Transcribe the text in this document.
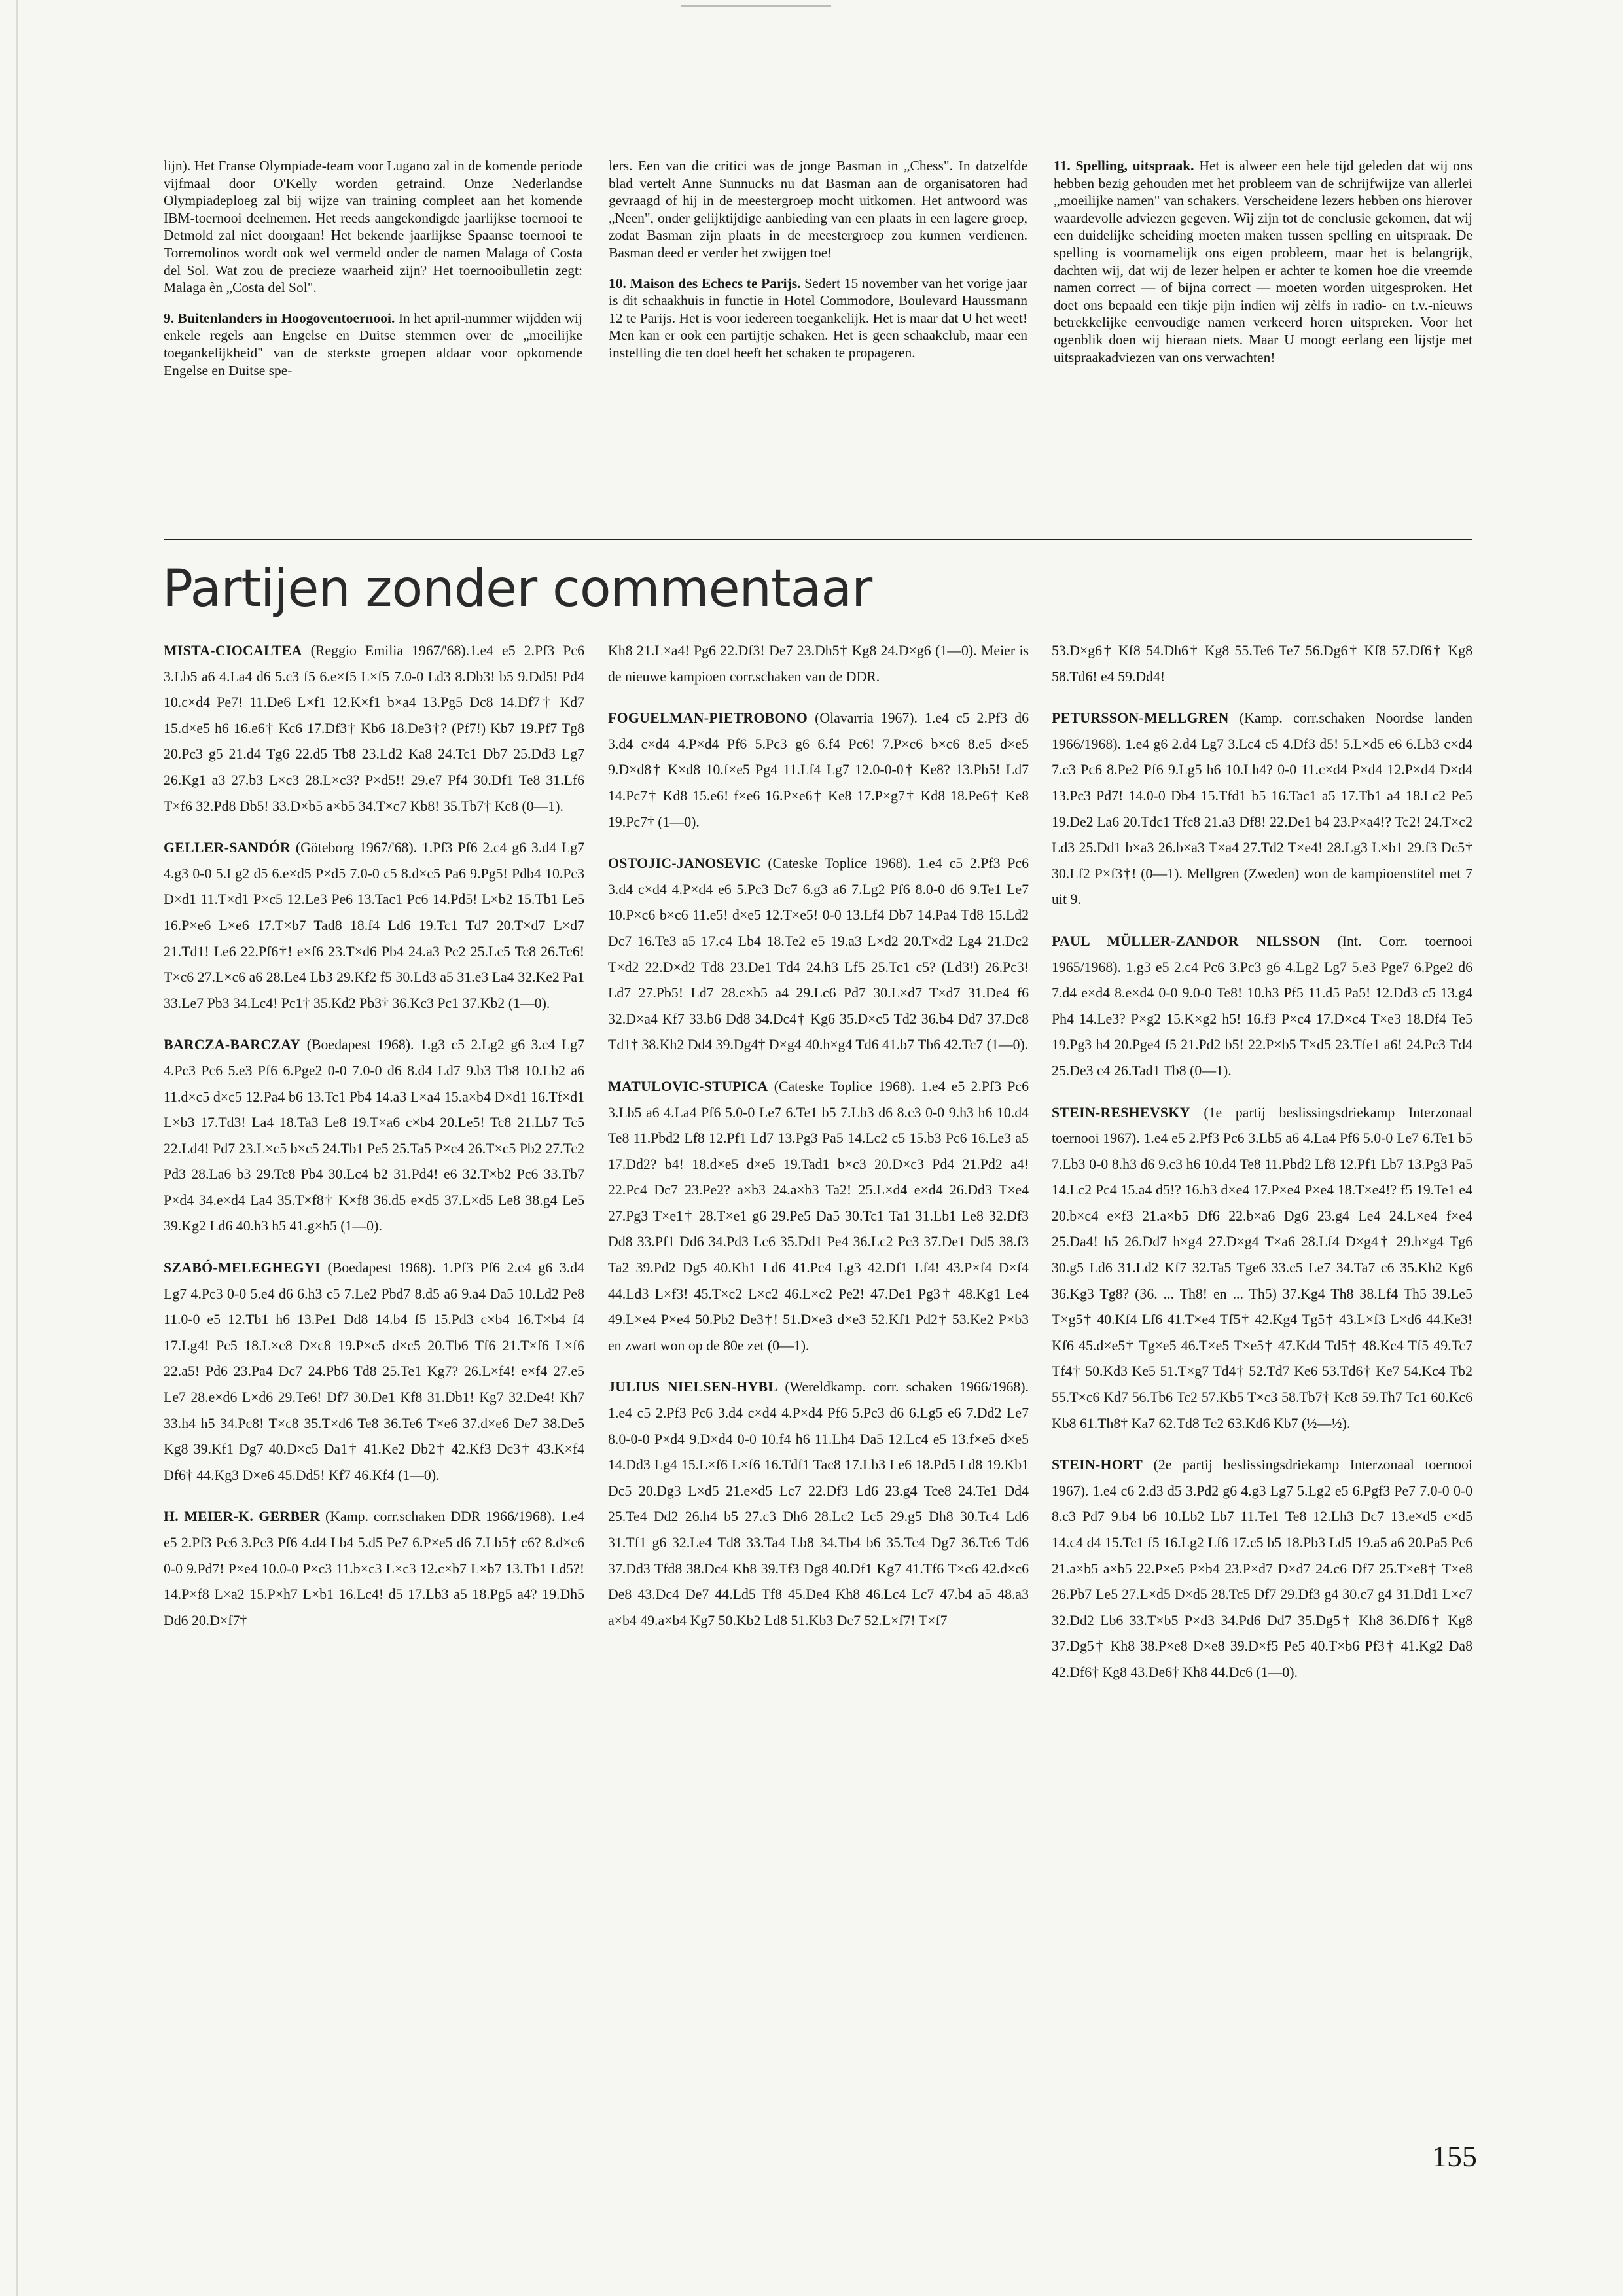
lijn). Het Franse Olympiade-team voor Lugano zal in de komende periode vijfmaal door O'Kelly worden getraind. Onze Nederlandse Olympiadeploeg zal bij wijze van training compleet aan het komende IBM-toernooi deelnemen. Het reeds aangekondigde jaarlijkse toernooi te Detmold zal niet doorgaan! Het bekende jaarlijkse Spaanse toernooi te Torremolinos wordt ook wel vermeld onder de namen Malaga of Costa del Sol. Wat zou de precieze waarheid zijn? Het toernooibulletin zegt: Malaga èn „Costa del Sol".

9. Buitenlanders in Hoogoventoernooi. In het april-nummer wijdden wij enkele regels aan Engelse en Duitse stemmen over de „moeilijke toegankelijkheid" van de sterkste groepen aldaar voor opkomende Engelse en Duitse spe-

lers. Een van die critici was de jonge Basman in „Chess". In datzelfde blad vertelt Anne Sunnucks nu dat Basman aan de organisatoren had gevraagd of hij in de meestergroep mocht uitkomen. Het antwoord was „Neen", onder gelijktijdige aanbieding van een plaats in een lagere groep, zodat Basman zijn plaats in de meestergroep zou kunnen verdienen. Basman deed er verder het zwijgen toe!

10. Maison des Echecs te Parijs. Sedert 15 november van het vorige jaar is dit schaakhuis in functie in Hotel Commodore, Boulevard Haussmann 12 te Parijs. Het is voor iedereen toegankelijk. Het is maar dat U het weet! Men kan er ook een partijtje schaken. Het is geen schaakclub, maar een instelling die ten doel heeft het schaken te propageren.

11. Spelling, uitspraak. Het is alweer een hele tijd geleden dat wij ons hebben bezig gehouden met het probleem van de schrijfwijze van allerlei „moeilijke namen" van schakers. Verscheidene lezers hebben ons hierover waardevolle adviezen gegeven. Wij zijn tot de conclusie gekomen, dat wij een duidelijke scheiding moeten maken tussen spelling en uitspraak. De spelling is voornamelijk ons eigen probleem, maar het is belangrijk, dachten wij, dat wij de lezer helpen er achter te komen hoe die vreemde namen correct — of bijna correct — moeten worden uitgesproken. Het doet ons bepaald een tikje pijn indien wij zèlfs in radio- en t.v.-nieuws betrekkelijke eenvoudige namen verkeerd horen uitspreken. Voor het ogenblik doen wij hieraan niets. Maar U moogt eerlang een lijstje met uitspraakadviezen van ons verwachten!

Partijen zonder commentaar

MISTA-CIOCALTEA (Reggio Emilia 1967/'68).1.e4 e5 2.Pf3 Pc6 3.Lb5 a6 4.La4 d6 5.c3 f5 6.e×f5 L×f5 7.0-0 Ld3 8.Db3! b5 9.Dd5! Pd4 10.c×d4 Pe7! 11.De6 L×f1 12.K×f1 b×a4 13.Pg5 Dc8 14.Df7† Kd7 15.d×e5 h6 16.e6† Kc6 17.Df3† Kb6 18.De3†? (Pf7!) Kb7 19.Pf7 Tg8 20.Pc3 g5 21.d4 Tg6 22.d5 Tb8 23.Ld2 Ka8 24.Tc1 Db7 25.Dd3 Lg7 26.Kg1 a3 27.b3 L×c3 28.L×c3? P×d5!! 29.e7 Pf4 30.Df1 Te8 31.Lf6 T×f6 32.Pd8 Db5! 33.D×b5 a×b5 34.T×c7 Kb8! 35.Tb7† Kc8 (0—1).

GELLER-SANDÓR (Göteborg 1967/'68). 1.Pf3 Pf6 2.c4 g6 3.d4 Lg7 4.g3 0-0 5.Lg2 d5 6.e×d5 P×d5 7.0-0 c5 8.d×c5 Pa6 9.Pg5! Pdb4 10.Pc3 D×d1 11.T×d1 P×c5 12.Le3 Pe6 13.Tac1 Pc6 14.Pd5! L×b2 15.Tb1 Le5 16.P×e6 L×e6 17.T×b7 Tad8 18.f4 Ld6 19.Tc1 Td7 20.T×d7 L×d7 21.Td1! Le6 22.Pf6†! e×f6 23.T×d6 Pb4 24.a3 Pc2 25.Lc5 Tc8 26.Tc6! T×c6 27.L×c6 a6 28.Le4 Lb3 29.Kf2 f5 30.Ld3 a5 31.e3 La4 32.Ke2 Pa1 33.Le7 Pb3 34.Lc4! Pc1† 35.Kd2 Pb3† 36.Kc3 Pc1 37.Kb2 (1—0).

BARCZA-BARCZAY (Boedapest 1968). 1.g3 c5 2.Lg2 g6 3.c4 Lg7 4.Pc3 Pc6 5.e3 Pf6 6.Pge2 0-0 7.0-0 d6 8.d4 Ld7 9.b3 Tb8 10.Lb2 a6 11.d×c5 d×c5 12.Pa4 b6 13.Tc1 Pb4 14.a3 L×a4 15.a×b4 D×d1 16.Tf×d1 L×b3 17.Td3! La4 18.Ta3 Le8 19.T×a6 c×b4 20.Le5! Tc8 21.Lb7 Tc5 22.Ld4! Pd7 23.L×c5 b×c5 24.Tb1 Pe5 25.Ta5 P×c4 26.T×c5 Pb2 27.Tc2 Pd3 28.La6 b3 29.Tc8 Pb4 30.Lc4 b2 31.Pd4! e6 32.T×b2 Pc6 33.Tb7 P×d4 34.e×d4 La4 35.T×f8† K×f8 36.d5 e×d5 37.L×d5 Le8 38.g4 Le5 39.Kg2 Ld6 40.h3 h5 41.g×h5 (1—0).

SZABÓ-MELEGHEGYI (Boedapest 1968). 1.Pf3 Pf6 2.c4 g6 3.d4 Lg7 4.Pc3 0-0 5.e4 d6 6.h3 c5 7.Le2 Pbd7 8.d5 a6 9.a4 Da5 10.Ld2 Pe8 11.0-0 e5 12.Tb1 h6 13.Pe1 Dd8 14.b4 f5 15.Pd3 c×b4 16.T×b4 f4 17.Lg4! Pc5 18.L×c8 D×c8 19.P×c5 d×c5 20.Tb6 Tf6 21.T×f6 L×f6 22.a5! Pd6 23.Pa4 Dc7 24.Pb6 Td8 25.Te1 Kg7? 26.L×f4! e×f4 27.e5 Le7 28.e×d6 L×d6 29.Te6! Df7 30.De1 Kf8 31.Db1! Kg7 32.De4! Kh7 33.h4 h5 34.Pc8! T×c8 35.T×d6 Te8 36.Te6 T×e6 37.d×e6 De7 38.De5 Kg8 39.Kf1 Dg7 40.D×c5 Da1† 41.Ke2 Db2† 42.Kf3 Dc3† 43.K×f4 Df6† 44.Kg3 D×e6 45.Dd5! Kf7 46.Kf4 (1—0).

H. MEIER-K. GERBER (Kamp. corr.schaken DDR 1966/1968). 1.e4 e5 2.Pf3 Pc6 3.Pc3 Pf6 4.d4 Lb4 5.d5 Pe7 6.P×e5 d6 7.Lb5† c6? 8.d×c6 0-0 9.Pd7! P×e4 10.0-0 P×c3 11.b×c3 L×c3 12.c×b7 L×b7 13.Tb1 Ld5?! 14.P×f8 L×a2 15.P×h7 L×b1 16.Lc4! d5 17.Lb3 a5 18.Pg5 a4? 19.Dh5 Dd6 20.D×f7†

Kh8 21.L×a4! Pg6 22.Df3! De7 23.Dh5† Kg8 24.D×g6 (1—0). Meier is de nieuwe kampioen corr.schaken van de DDR.

FOGUELMAN-PIETROBONO (Olavarria 1967). 1.e4 c5 2.Pf3 d6 3.d4 c×d4 4.P×d4 Pf6 5.Pc3 g6 6.f4 Pc6! 7.P×c6 b×c6 8.e5 d×e5 9.D×d8† K×d8 10.f×e5 Pg4 11.Lf4 Lg7 12.0-0-0† Ke8? 13.Pb5! Ld7 14.Pc7† Kd8 15.e6! f×e6 16.P×e6† Ke8 17.P×g7† Kd8 18.Pe6† Ke8 19.Pc7† (1—0).

OSTOJIC-JANOSEVIC (Cateske Toplice 1968). 1.e4 c5 2.Pf3 Pc6 3.d4 c×d4 4.P×d4 e6 5.Pc3 Dc7 6.g3 a6 7.Lg2 Pf6 8.0-0 d6 9.Te1 Le7 10.P×c6 b×c6 11.e5! d×e5 12.T×e5! 0-0 13.Lf4 Db7 14.Pa4 Td8 15.Ld2 Dc7 16.Te3 a5 17.c4 Lb4 18.Te2 e5 19.a3 L×d2 20.T×d2 Lg4 21.Dc2 T×d2 22.D×d2 Td8 23.De1 Td4 24.h3 Lf5 25.Tc1 c5? (Ld3!) 26.Pc3! Ld7 27.Pb5! Ld7 28.c×b5 a4 29.Lc6 Pd7 30.L×d7 T×d7 31.De4 f6 32.D×a4 Kf7 33.b6 Dd8 34.Dc4† Kg6 35.D×c5 Td2 36.b4 Dd7 37.Dc8 Td1† 38.Kh2 Dd4 39.Dg4† D×g4 40.h×g4 Td6 41.b7 Tb6 42.Tc7 (1—0).

MATULOVIC-STUPICA (Cateske Toplice 1968). 1.e4 e5 2.Pf3 Pc6 3.Lb5 a6 4.La4 Pf6 5.0-0 Le7 6.Te1 b5 7.Lb3 d6 8.c3 0-0 9.h3 h6 10.d4 Te8 11.Pbd2 Lf8 12.Pf1 Ld7 13.Pg3 Pa5 14.Lc2 c5 15.b3 Pc6 16.Le3 a5 17.Dd2? b4! 18.d×e5 d×e5 19.Tad1 b×c3 20.D×c3 Pd4 21.Pd2 a4! 22.Pc4 Dc7 23.Pe2? a×b3 24.a×b3 Ta2! 25.L×d4 e×d4 26.Dd3 T×e4 27.Pg3 T×e1† 28.T×e1 g6 29.Pe5 Da5 30.Tc1 Ta1 31.Lb1 Le8 32.Df3 Dd8 33.Pf1 Dd6 34.Pd3 Lc6 35.Dd1 Pe4 36.Lc2 Pc3 37.De1 Dd5 38.f3 Ta2 39.Pd2 Dg5 40.Kh1 Ld6 41.Pc4 Lg3 42.Df1 Lf4! 43.P×f4 D×f4 44.Ld3 L×f3! 45.T×c2 L×c2 46.L×c2 Pe2! 47.De1 Pg3† 48.Kg1 Le4 49.L×e4 P×e4 50.Pb2 De3†! 51.D×e3 d×e3 52.Kf1 Pd2† 53.Ke2 P×b3 en zwart won op de 80e zet (0—1).

JULIUS NIELSEN-HYBL (Wereldkamp. corr. schaken 1966/1968). 1.e4 c5 2.Pf3 Pc6 3.d4 c×d4 4.P×d4 Pf6 5.Pc3 d6 6.Lg5 e6 7.Dd2 Le7 8.0-0-0 P×d4 9.D×d4 0-0 10.f4 h6 11.Lh4 Da5 12.Lc4 e5 13.f×e5 d×e5 14.Dd3 Lg4 15.L×f6 L×f6 16.Tdf1 Tac8 17.Lb3 Le6 18.Pd5 Ld8 19.Kb1 Dc5 20.Dg3 L×d5 21.e×d5 Lc7 22.Df3 Ld6 23.g4 Tce8 24.Te1 Dd4 25.Te4 Dd2 26.h4 b5 27.c3 Dh6 28.Lc2 Lc5 29.g5 Dh8 30.Tc4 Ld6 31.Tf1 g6 32.Le4 Td8 33.Ta4 Lb8 34.Tb4 b6 35.Tc4 Dg7 36.Tc6 Td6 37.Dd3 Tfd8 38.Dc4 Kh8 39.Tf3 Dg8 40.Df1 Kg7 41.Tf6 T×c6 42.d×c6 De8 43.Dc4 De7 44.Ld5 Tf8 45.De4 Kh8 46.Lc4 Lc7 47.b4 a5 48.a3 a×b4 49.a×b4 Kg7 50.Kb2 Ld8 51.Kb3 Dc7 52.L×f7! T×f7

53.D×g6† Kf8 54.Dh6† Kg8 55.Te6 Te7 56.Dg6† Kf8 57.Df6† Kg8 58.Td6! e4 59.Dd4!

PETURSSON-MELLGREN (Kamp. corr.schaken Noordse landen 1966/1968). 1.e4 g6 2.d4 Lg7 3.Lc4 c5 4.Df3 d5! 5.L×d5 e6 6.Lb3 c×d4 7.c3 Pc6 8.Pe2 Pf6 9.Lg5 h6 10.Lh4? 0-0 11.c×d4 P×d4 12.P×d4 D×d4 13.Pc3 Pd7! 14.0-0 Db4 15.Tfd1 b5 16.Tac1 a5 17.Tb1 a4 18.Lc2 Pe5 19.De2 La6 20.Tdc1 Tfc8 21.a3 Df8! 22.De1 b4 23.P×a4!? Tc2! 24.T×c2 Ld3 25.Dd1 b×a3 26.b×a3 T×a4 27.Td2 T×e4! 28.Lg3 L×b1 29.f3 Dc5† 30.Lf2 P×f3†! (0—1). Mellgren (Zweden) won de kampioenstitel met 7 uit 9.

PAUL MÜLLER-ZANDOR NILSSON (Int. Corr. toernooi 1965/1968). 1.g3 e5 2.c4 Pc6 3.Pc3 g6 4.Lg2 Lg7 5.e3 Pge7 6.Pge2 d6 7.d4 e×d4 8.e×d4 0-0 9.0-0 Te8! 10.h3 Pf5 11.d5 Pa5! 12.Dd3 c5 13.g4 Ph4 14.Le3? P×g2 15.K×g2 h5! 16.f3 P×c4 17.D×c4 T×e3 18.Df4 Te5 19.Pg3 h4 20.Pge4 f5 21.Pd2 b5! 22.P×b5 T×d5 23.Tfe1 a6! 24.Pc3 Td4 25.De3 c4 26.Tad1 Tb8 (0—1).

STEIN-RESHEVSKY (1e partij beslissingsdriekamp Interzonaal toernooi 1967). 1.e4 e5 2.Pf3 Pc6 3.Lb5 a6 4.La4 Pf6 5.0-0 Le7 6.Te1 b5 7.Lb3 0-0 8.h3 d6 9.c3 h6 10.d4 Te8 11.Pbd2 Lf8 12.Pf1 Lb7 13.Pg3 Pa5 14.Lc2 Pc4 15.a4 d5!? 16.b3 d×e4 17.P×e4 P×e4 18.T×e4!? f5 19.Te1 e4 20.b×c4 e×f3 21.a×b5 Df6 22.b×a6 Dg6 23.g4 Le4 24.L×e4 f×e4 25.Da4! h5 26.Dd7 h×g4 27.D×g4 T×a6 28.Lf4 D×g4† 29.h×g4 Tg6 30.g5 Ld6 31.Ld2 Kf7 32.Ta5 Tge6 33.c5 Le7 34.Ta7 c6 35.Kh2 Kg6 36.Kg3 Tg8? (36. ... Th8! en ... Th5) 37.Kg4 Th8 38.Lf4 Th5 39.Le5 T×g5† 40.Kf4 Lf6 41.T×e4 Tf5† 42.Kg4 Tg5† 43.L×f3 L×d6 44.Ke3! Kf6 45.d×e5† Tg×e5 46.T×e5 T×e5† 47.Kd4 Td5† 48.Kc4 Tf5 49.Tc7 Tf4† 50.Kd3 Ke5 51.T×g7 Td4† 52.Td7 Ke6 53.Td6† Ke7 54.Kc4 Tb2 55.T×c6 Kd7 56.Tb6 Tc2 57.Kb5 T×c3 58.Tb7† Kc8 59.Th7 Tc1 60.Kc6 Kb8 61.Th8† Ka7 62.Td8 Tc2 63.Kd6 Kb7 (½—½).

STEIN-HORT (2e partij beslissingsdriekamp Interzonaal toernooi 1967). 1.e4 c6 2.d3 d5 3.Pd2 g6 4.g3 Lg7 5.Lg2 e5 6.Pgf3 Pe7 7.0-0 0-0 8.c3 Pd7 9.b4 b6 10.Lb2 Lb7 11.Te1 Te8 12.Lh3 Dc7 13.e×d5 c×d5 14.c4 d4 15.Tc1 f5 16.Lg2 Lf6 17.c5 b5 18.Pb3 Ld5 19.a5 a6 20.Pa5 Pc6 21.a×b5 a×b5 22.P×e5 P×b4 23.P×d7 D×d7 24.c6 Df7 25.T×e8† T×e8 26.Pb7 Le5 27.L×d5 D×d5 28.Tc5 Df7 29.Df3 g4 30.c7 g4 31.Dd1 L×c7 32.Dd2 Lb6 33.T×b5 P×d3 34.Pd6 Dd7 35.Dg5† Kh8 36.Df6† Kg8 37.Dg5† Kh8 38.P×e8 D×e8 39.D×f5 Pe5 40.T×b6 Pf3† 41.Kg2 Da8 42.Df6† Kg8 43.De6† Kh8 44.Dc6 (1—0).

155
